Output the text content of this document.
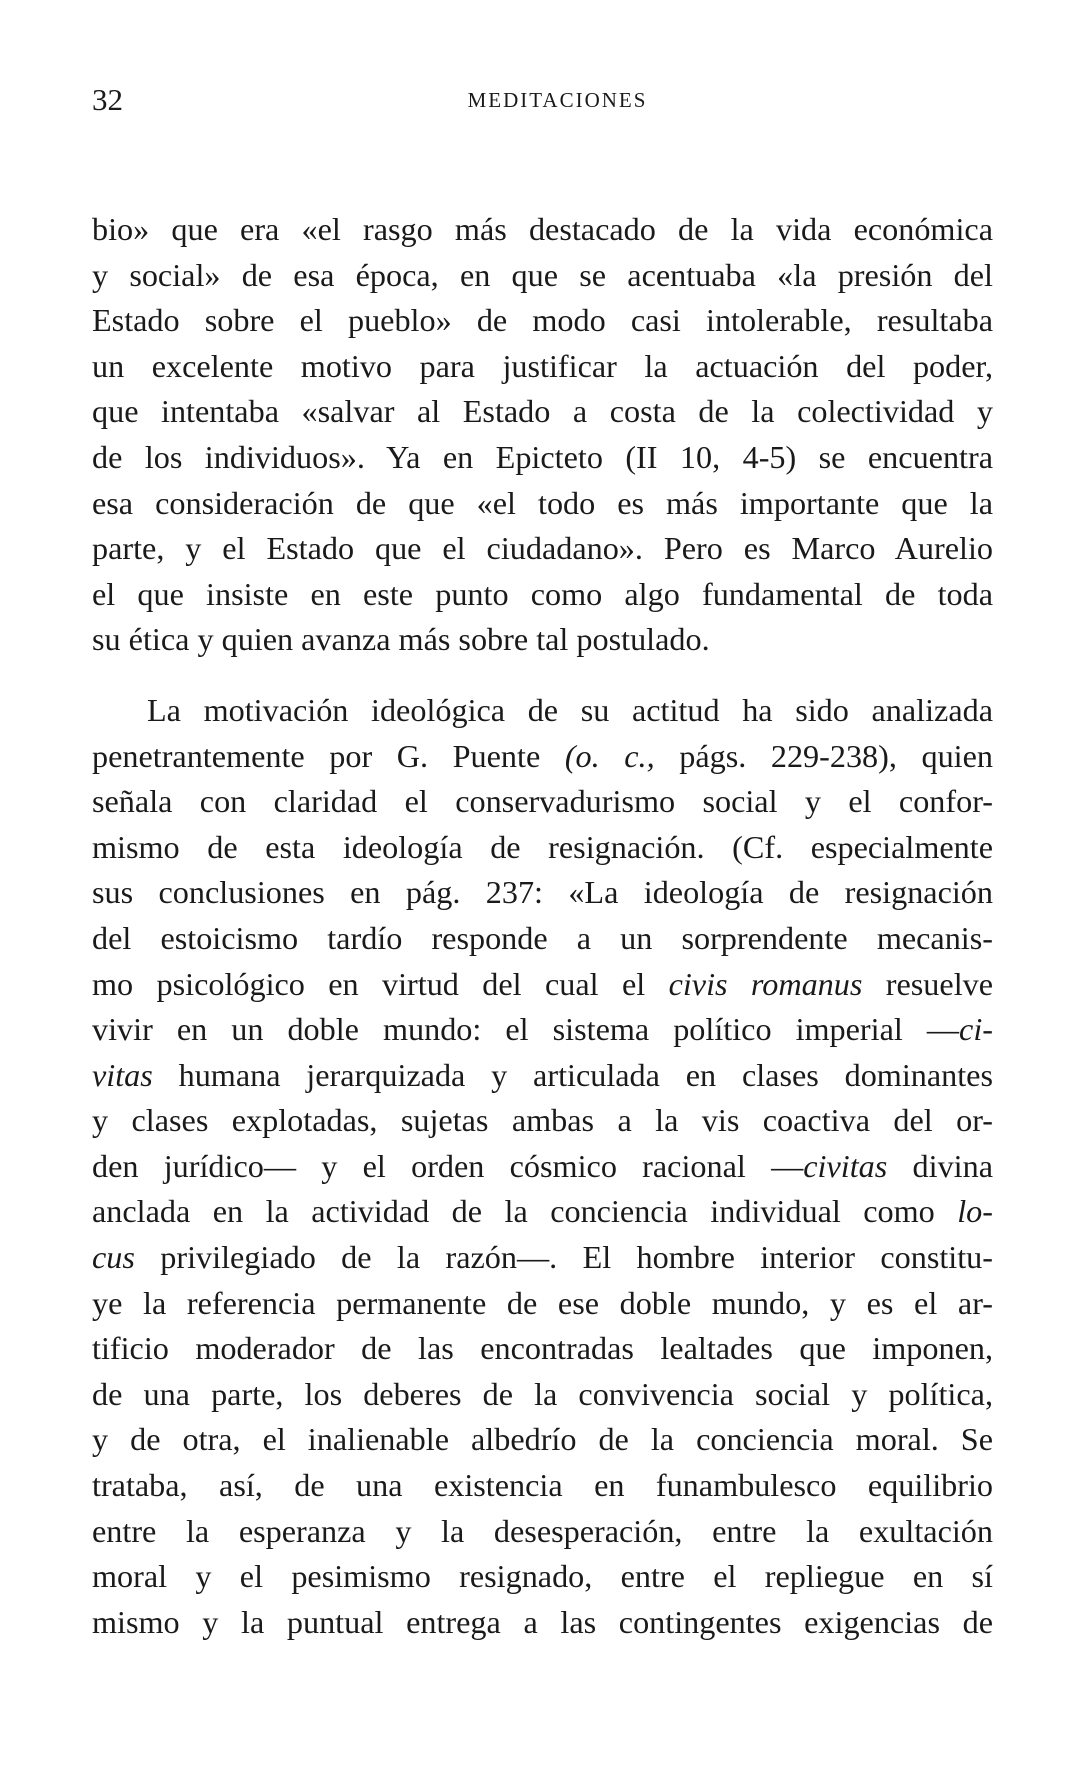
32	MEDITACIONES
bio» que era «el rasgo más destacado de la vida económica
y social» de esa época, en que se acentuaba «la presión del
Estado sobre el pueblo» de modo casi intolerable, resultaba
un excelente motivo para justificar la actuación del poder,
que intentaba «salvar al Estado a costa de la colectividad y
de los individuos». Ya en Epicteto (II 10, 4-5) se encuentra
esa consideración de que «el todo es más importante que la
parte, y el Estado que el ciudadano». Pero es Marco Aurelio
el que insiste en este punto como algo fundamental de toda
su ética y quien avanza más sobre tal postulado.
La motivación ideológica de su actitud ha sido analizada
penetrantemente por G. Puente (o. c., págs. 229-238), quien
señala con claridad el conservadurismo social y el confor-
mismo de esta ideología de resignación. (Cf. especialmente
sus conclusiones en pág. 237: «La ideología de resignación
del estoicismo tardío responde a un sorprendente mecanis-
mo psicológico en virtud del cual el civis romanus resuelve
vivir en un doble mundo: el sistema político imperial —ci-
vitas humana jerarquizada y articulada en clases dominantes
y clases explotadas, sujetas ambas a la vis coactiva del or-
den jurídico— y el orden cósmico racional —civitas divina
anclada en la actividad de la conciencia individual como lo-
cus privilegiado de la razón—. El hombre interior constitu-
ye la referencia permanente de ese doble mundo, y es el ar-
tificio moderador de las encontradas lealtades que imponen,
de una parte, los deberes de la convivencia social y política,
y de otra, el inalienable albedrío de la conciencia moral. Se
trataba, así, de una existencia en funambulesco equilibrio
entre la esperanza y la desesperación, entre la exultación
moral y el pesimismo resignado, entre el repliegue en sí
mismo y la puntual entrega a las contingentes exigencias de
